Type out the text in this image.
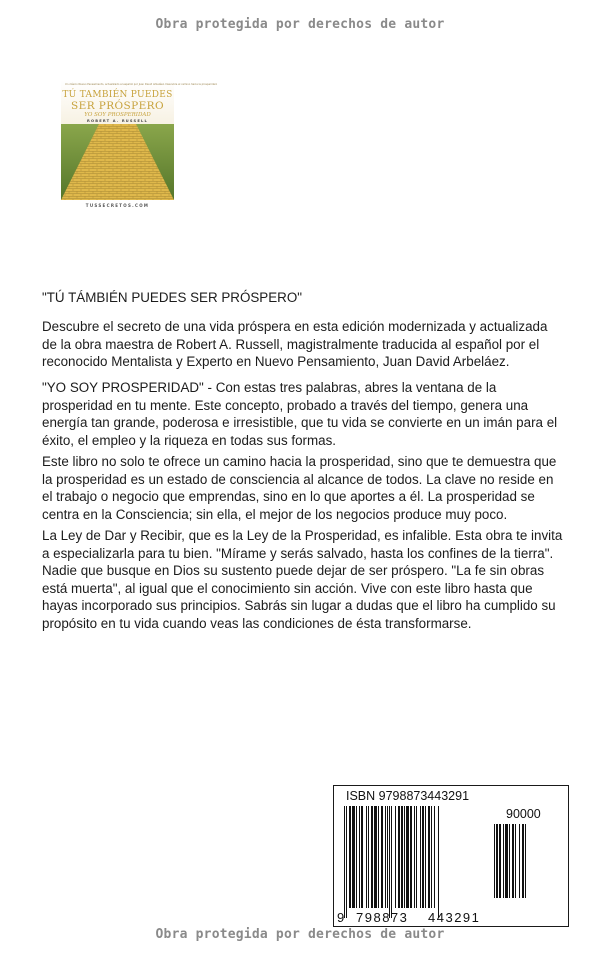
Obra protegida por derechos de autor
Un clásico Nuevo Pensamiento, actualizado al español por Juan David Arbeláez. Descubre el camino hacia la prosperidad.
TÚ TAMBIÉN PUEDES
SER PRÓSPERO
YO SOY PROSPERIDAD
ROBERT A. RUSSELL
TUSSECRETOS.COM

"TÚ TÁMBIÉN PUEDES SER PRÓSPERO"

Descubre el secreto de una vida próspera en esta edición modernizada y actualizada de la obra maestra de Robert A. Russell, magistralmente traducida al español por el reconocido Mentalista y Experto en Nuevo Pensamiento, Juan David Arbeláez.

"YO SOY PROSPERIDAD" - Con estas tres palabras, abres la ventana de la prosperidad en tu mente. Este concepto, probado a través del tiempo, genera una energía tan grande, poderosa e irresistible, que tu vida se convierte en un imán para el éxito, el empleo y la riqueza en todas sus formas.

Este libro no solo te ofrece un camino hacia la prosperidad, sino que te demuestra que la prosperidad es un estado de consciencia al alcance de todos. La clave no reside en el trabajo o negocio que emprendas, sino en lo que aportes a él. La prosperidad se centra en la Consciencia; sin ella, el mejor de los negocios produce muy poco.

La Ley de Dar y Recibir, que es la Ley de la Prosperidad, es infalible. Esta obra te invita a especializarla para tu bien. "Mírame y serás salvado, hasta los confines de la tierra". Nadie que busque en Dios su sustento puede dejar de ser próspero. "La fe sin obras está muerta", al igual que el conocimiento sin acción. Vive con este libro hasta que hayas incorporado sus principios. Sabrás sin lugar a dudas que el libro ha cumplido su propósito en tu vida cuando veas las condiciones de ésta transformarse.

ISBN 9798873443291
90000
9 798873 443291
Obra protegida por derechos de autor
